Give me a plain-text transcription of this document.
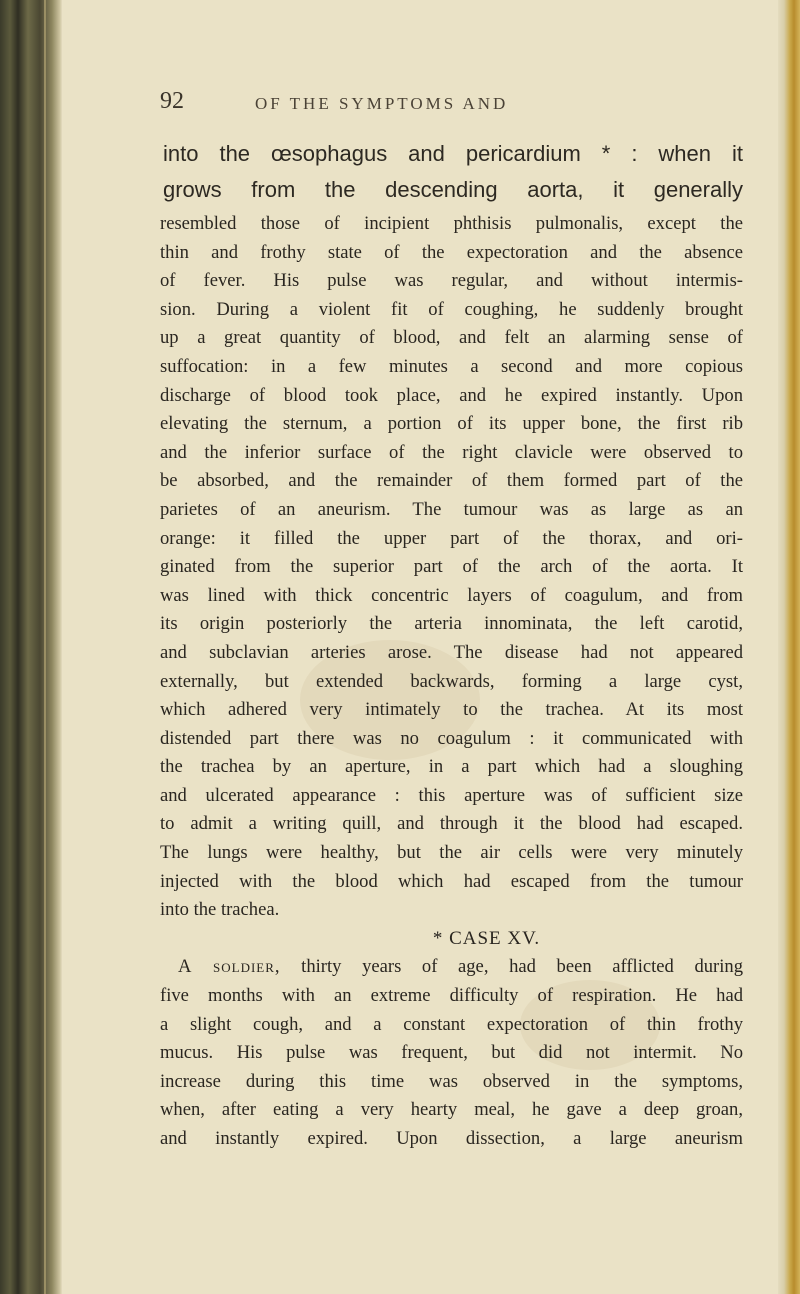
92	OF THE SYMPTOMS AND
into the œsophagus and pericardium * : when it
grows from the descending aorta, it generally
resembled those of incipient phthisis pulmonalis, except the
thin and frothy state of the expectoration and the absence
of fever. His pulse was regular, and without intermis-
sion. During a violent fit of coughing, he suddenly brought
up a great quantity of blood, and felt an alarming sense of
suffocation: in a few minutes a second and more copious
discharge of blood took place, and he expired instantly. Upon
elevating the sternum, a portion of its upper bone, the first rib
and the inferior surface of the right clavicle were observed to
be absorbed, and the remainder of them formed part of the
parietes of an aneurism. The tumour was as large as an
orange: it filled the upper part of the thorax, and ori-
ginated from the superior part of the arch of the aorta. It
was lined with thick concentric layers of coagulum, and from
its origin posteriorly the arteria innominata, the left carotid,
and subclavian arteries arose. The disease had not appeared
externally, but extended backwards, forming a large cyst,
which adhered very intimately to the trachea. At its most
distended part there was no coagulum : it communicated with
the trachea by an aperture, in a part which had a sloughing
and ulcerated appearance : this aperture was of sufficient size
to admit a writing quill, and through it the blood had escaped.
The lungs were healthy, but the air cells were very minutely
injected with the blood which had escaped from the tumour
into the trachea.
* CASE XV.
A soldier, thirty years of age, had been afflicted during
five months with an extreme difficulty of respiration. He had
a slight cough, and a constant expectoration of thin frothy
mucus. His pulse was frequent, but did not intermit. No
increase during this time was observed in the symptoms,
when, after eating a very hearty meal, he gave a deep groan,
and instantly expired. Upon dissection, a large aneurism
